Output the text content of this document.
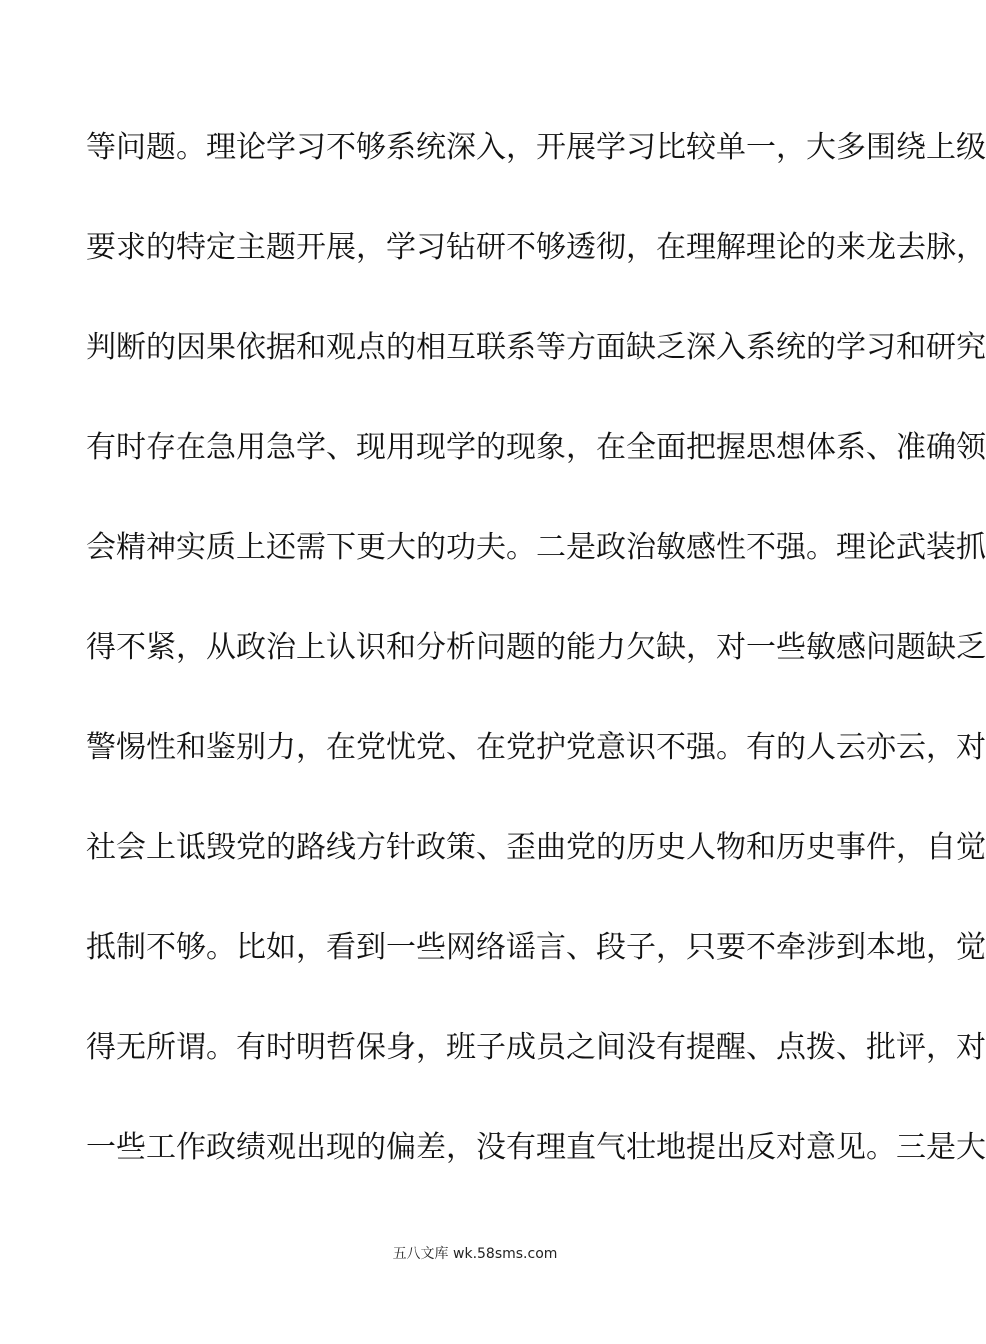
等问题。理论学习不够系统深入，开展学习比较单一，大多围绕上级
要求的特定主题开展，学习钻研不够透彻，在理解理论的来龙去脉，
判断的因果依据和观点的相互联系等方面缺乏深入系统的学习和研究
有时存在急用急学、现用现学的现象，在全面把握思想体系、准确领
会精神实质上还需下更大的功夫。二是政治敏感性不强。理论武装抓
得不紧，从政治上认识和分析问题的能力欠缺，对一些敏感问题缺乏
警惕性和鉴别力，在党忧党、在党护党意识不强。有的人云亦云，对
社会上诋毁党的路线方针政策、歪曲党的历史人物和历史事件，自觉
抵制不够。比如，看到一些网络谣言、段子，只要不牵涉到本地，觉
得无所谓。有时明哲保身，班子成员之间没有提醒、点拨、批评，对
一些工作政绩观出现的偏差，没有理直气壮地提出反对意见。三是大
五八文库 wk.58sms.com
